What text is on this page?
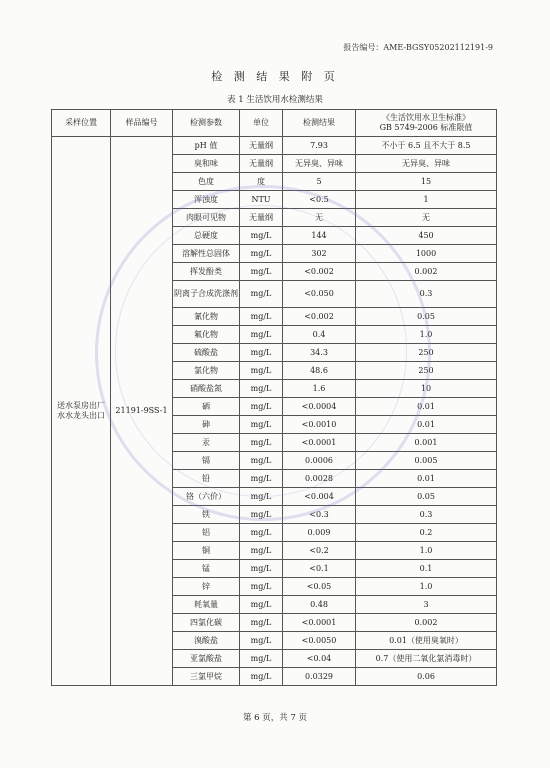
报告编号：AME-BGSY05202112191-9
检 测 结 果 附 页
表 1 生活饮用水检测结果
采样位置	样品编号	检测参数	单位	检测结果	《生活饮用水卫生标准》
GB 5749-2006 标准限值

送水泵房出厂水水龙头出口	21191-9SS-1	pH 值	无量纲	7.93	不小于 6.5 且不大于 8.5
		臭和味	无量纲	无异臭、异味	无异臭、异味
		色度	度	5	15
		浑浊度	NTU	<0.5	1
		肉眼可见物	无量纲	无	无
		总硬度	mg/L	144	450
		溶解性总固体	mg/L	302	1000
		挥发酚类	mg/L	<0.002	0.002
		阴离子合成洗涤剂	mg/L	<0.050	0.3
		氰化物	mg/L	<0.002	0.05
		氟化物	mg/L	0.4	1.0
		硫酸盐	mg/L	34.3	250
		氯化物	mg/L	48.6	250
		硝酸盐氮	mg/L	1.6	10
		硒	mg/L	<0.0004	0.01
		砷	mg/L	<0.0010	0.01
		汞	mg/L	<0.0001	0.001
		镉	mg/L	0.0006	0.005
		铅	mg/L	0.0028	0.01
		铬（六价）	mg/L	<0.004	0.05
		铁	mg/L	<0.3	0.3
		铝	mg/L	0.009	0.2
		铜	mg/L	<0.2	1.0
		锰	mg/L	<0.1	0.1
		锌	mg/L	<0.05	1.0
		耗氧量	mg/L	0.48	3
		四氯化碳	mg/L	<0.0001	0.002
		溴酸盐	mg/L	<0.0050	0.01（使用臭氧时）
		亚氯酸盐	mg/L	<0.04	0.7（使用二氧化氯消毒时）
		三氯甲烷	mg/L	0.0329	0.06
第 6 页，共 7 页
